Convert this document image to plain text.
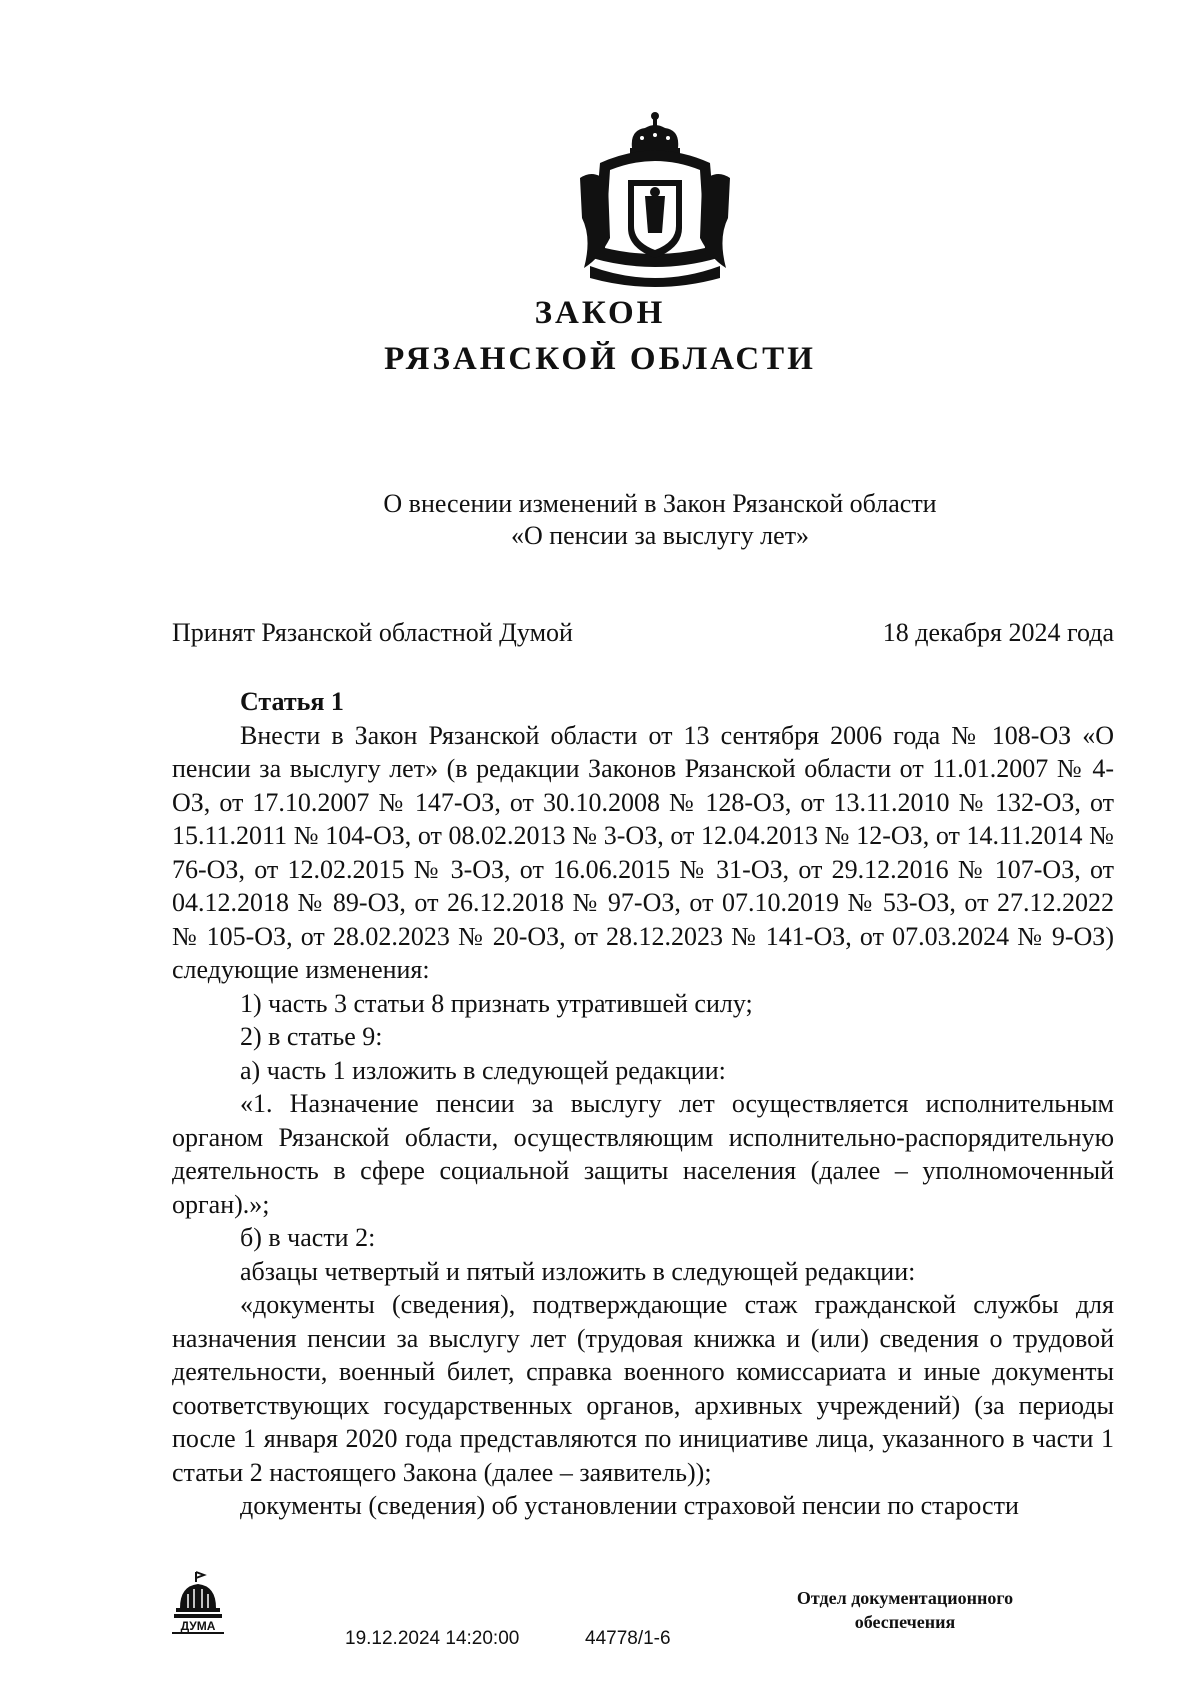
ЗАКОН
РЯЗАНСКОЙ ОБЛАСТИ
О внесении изменений в Закон Рязанской области
«О пенсии за выслугу лет»
Принят Рязанской областной Думой	18 декабря 2024 года

Статья 1

Внести в Закон Рязанской области от 13 сентября 2006 года № 108-ОЗ «О пенсии за выслугу лет» (в редакции Законов Рязанской области от 11.01.2007 № 4-ОЗ, от 17.10.2007 № 147-ОЗ, от 30.10.2008 № 128-ОЗ, от 13.11.2010 № 132-ОЗ, от 15.11.2011 № 104-ОЗ, от 08.02.2013 № 3-ОЗ, от 12.04.2013 № 12-ОЗ, от 14.11.2014 № 76-ОЗ, от 12.02.2015 № 3-ОЗ, от 16.06.2015 № 31-ОЗ, от 29.12.2016 № 107-ОЗ, от 04.12.2018 № 89-ОЗ, от 26.12.2018 № 97-ОЗ, от 07.10.2019 № 53-ОЗ, от 27.12.2022 № 105-ОЗ, от 28.02.2023 № 20-ОЗ, от 28.12.2023 № 141-ОЗ, от 07.03.2024 № 9-ОЗ) следующие изменения:

1) часть 3 статьи 8 признать утратившей силу;

2) в статье 9:

а) часть 1 изложить в следующей редакции:

«1. Назначение пенсии за выслугу лет осуществляется исполнительным органом Рязанской области, осуществляющим исполнительно-распорядительную деятельность в сфере социальной защиты населения (далее – уполномоченный орган).»;

б) в части 2:

абзацы четвертый и пятый изложить в следующей редакции:

«документы (сведения), подтверждающие стаж гражданской службы для назначения пенсии за выслугу лет (трудовая книжка и (или) сведения о трудовой деятельности, военный билет, справка военного комиссариата и иные документы соответствующих государственных органов, архивных учреждений) (за периоды после 1 января 2020 года представляются по инициативе лица, указанного в части 1 статьи 2 настоящего Закона (далее – заявитель));

документы (сведения) об установлении страховой пенсии по старости

ДУМА
19.12.2024 14:20:00	44778/1-6
Отдел документационного
обеспечения
